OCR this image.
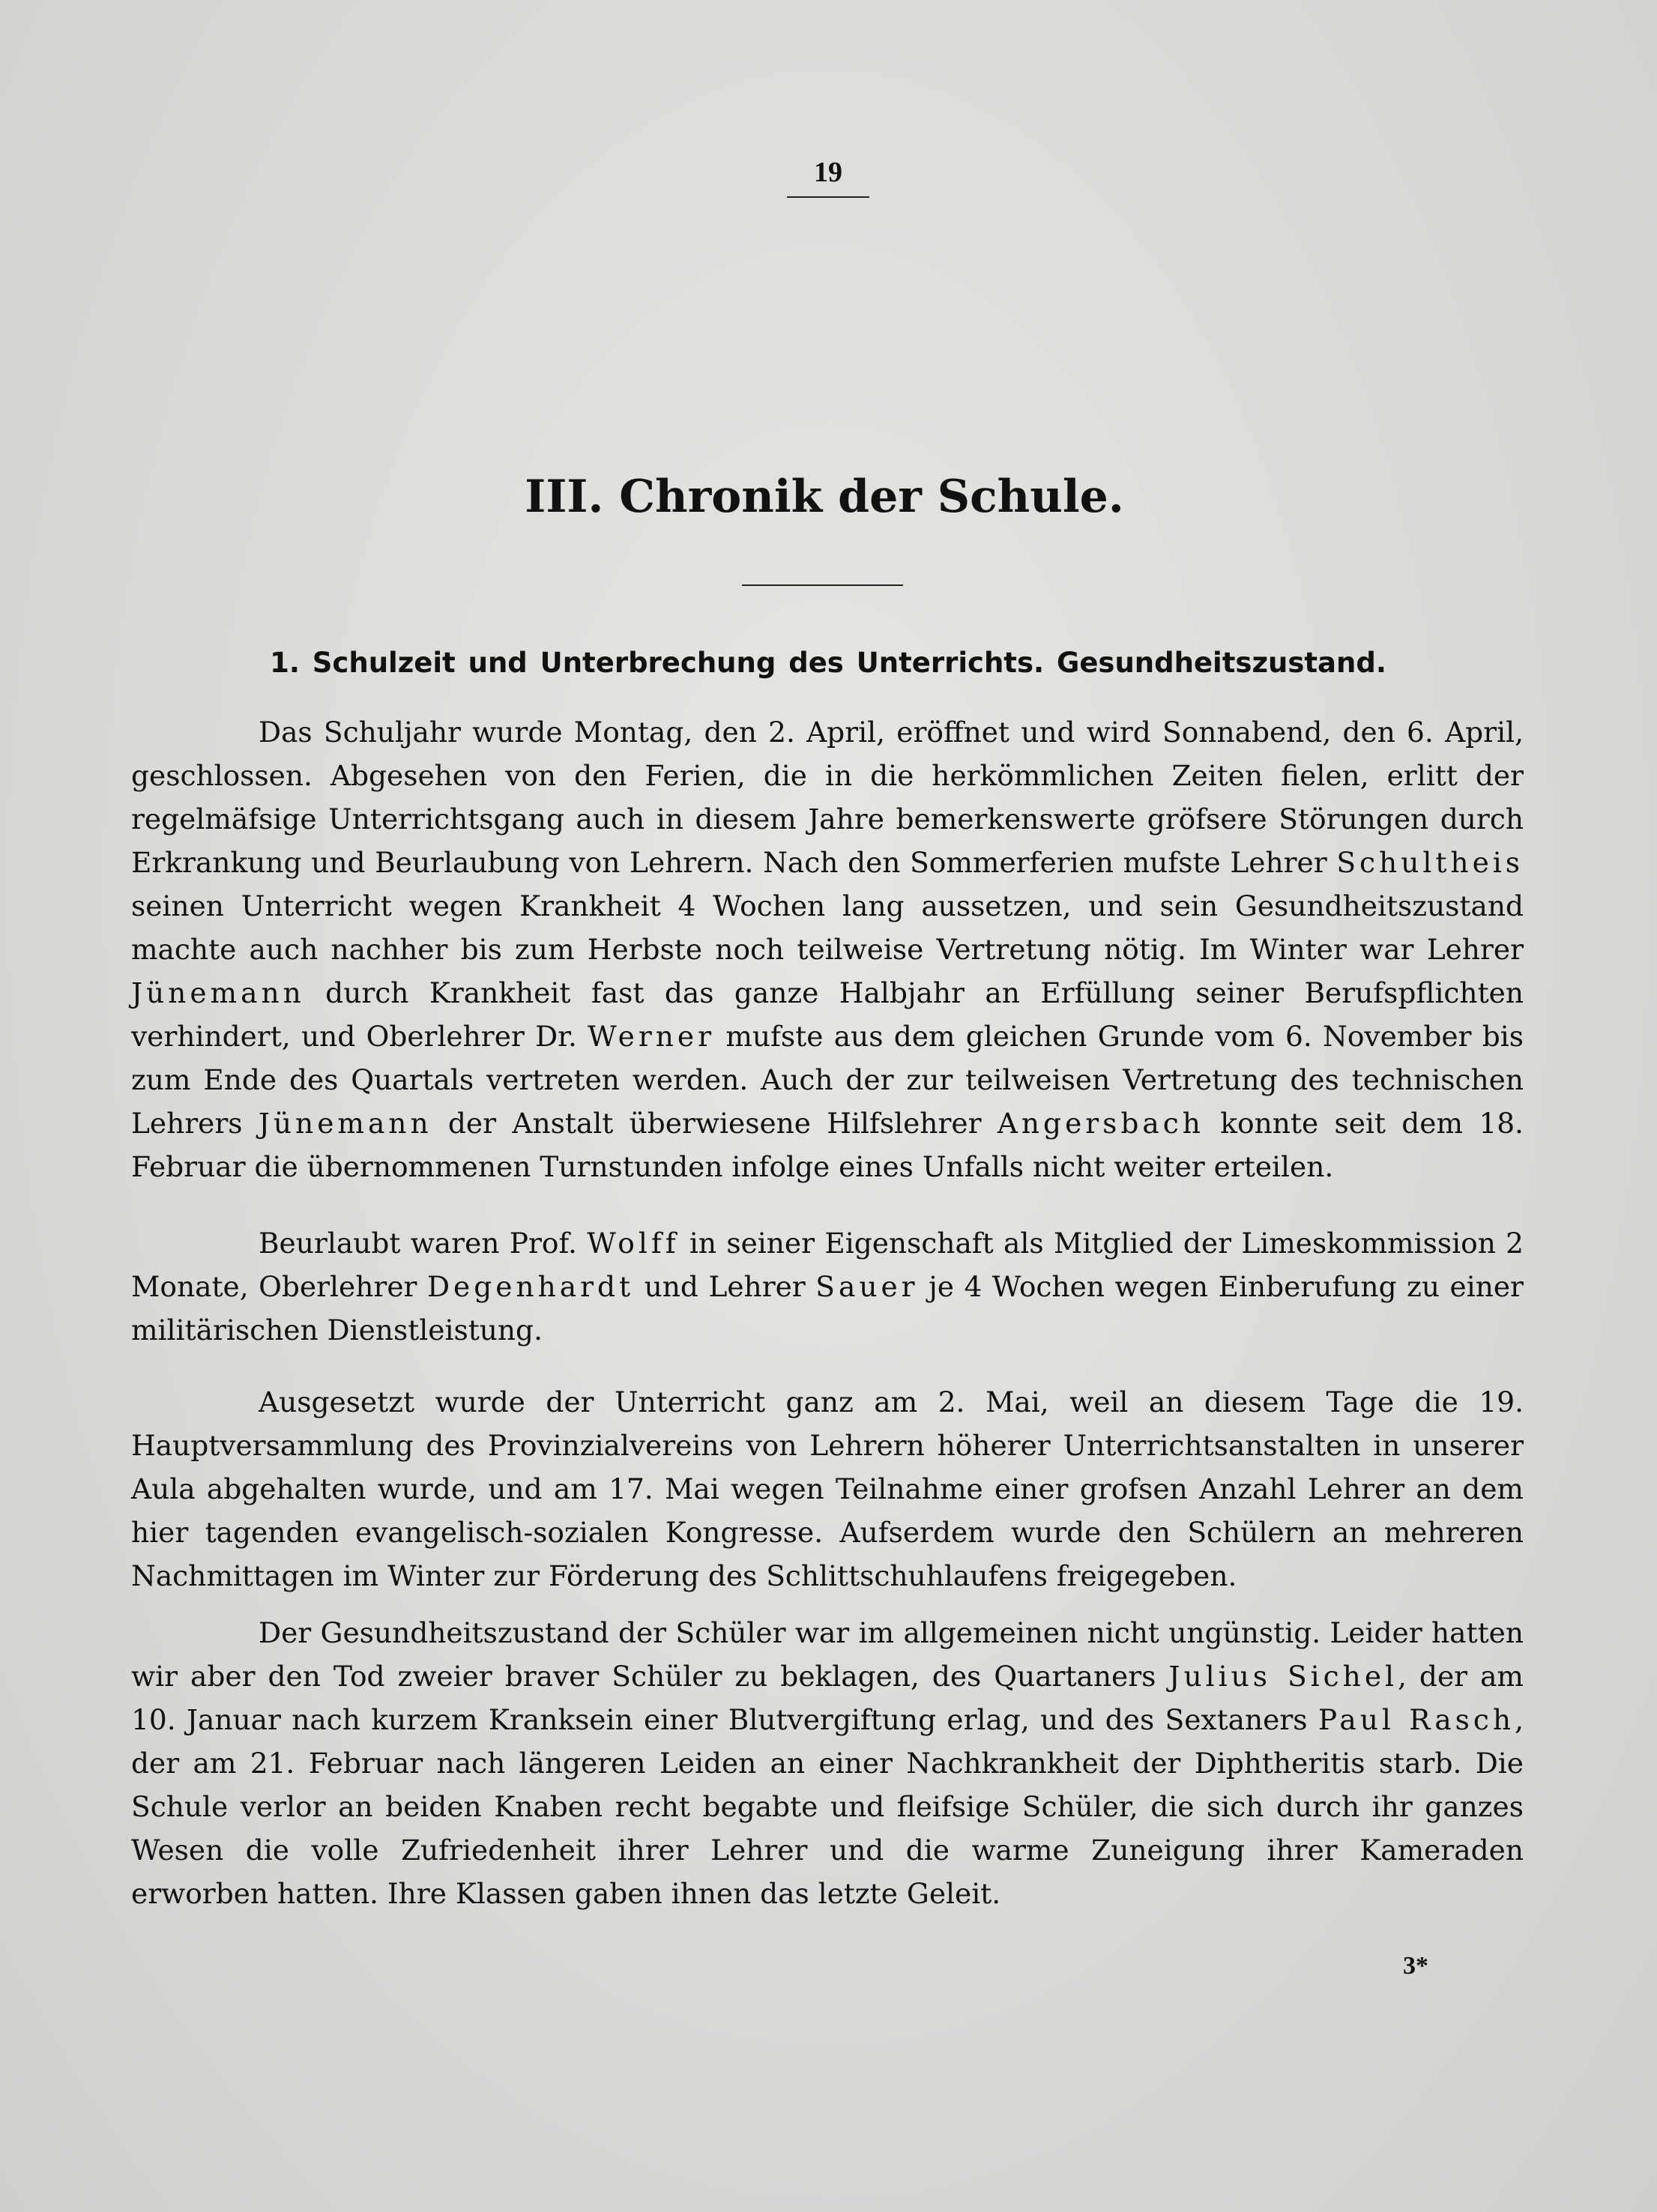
19
III. Chronik der Schule.
1. Schulzeit und Unterbrechung des Unterrichts. Gesundheitszustand.

Das Schuljahr wurde Montag, den 2. April, eröffnet und wird Sonnabend, den 6. April, geschlossen. Abgesehen von den Ferien, die in die herkömmlichen Zeiten fielen, erlitt der regelmäfsige Unterrichtsgang auch in diesem Jahre bemerkenswerte gröfsere Störungen durch Erkrankung und Beurlaubung von Lehrern. Nach den Sommerferien mufste Lehrer Schultheis seinen Unterricht wegen Krankheit 4 Wochen lang aussetzen, und sein Gesundheitszustand machte auch nachher bis zum Herbste noch teilweise Vertretung nötig. Im Winter war Lehrer Jünemann durch Krankheit fast das ganze Halbjahr an Erfüllung seiner Berufspflichten verhindert, und Oberlehrer Dr. Werner mufste aus dem gleichen Grunde vom 6. November bis zum Ende des Quartals vertreten werden. Auch der zur teilweisen Vertretung des technischen Lehrers Jünemann der Anstalt überwiesene Hilfslehrer Angersbach konnte seit dem 18. Februar die übernommenen Turnstunden infolge eines Unfalls nicht weiter erteilen.

Beurlaubt waren Prof. Wolff in seiner Eigenschaft als Mitglied der Limeskommission 2 Monate, Oberlehrer Degenhardt und Lehrer Sauer je 4 Wochen wegen Einberufung zu einer militärischen Dienstleistung.

Ausgesetzt wurde der Unterricht ganz am 2. Mai, weil an diesem Tage die 19. Hauptversammlung des Provinzialvereins von Lehrern höherer Unterrichtsanstalten in unserer Aula abgehalten wurde, und am 17. Mai wegen Teilnahme einer grofsen Anzahl Lehrer an dem hier tagenden evangelisch-sozialen Kongresse. Aufserdem wurde den Schülern an mehreren Nachmittagen im Winter zur Förderung des Schlittschuhlaufens freigegeben.

Der Gesundheitszustand der Schüler war im allgemeinen nicht ungünstig. Leider hatten wir aber den Tod zweier braver Schüler zu beklagen, des Quartaners Julius Sichel, der am 10. Januar nach kurzem Kranksein einer Blutvergiftung erlag, und des Sextaners Paul Rasch, der am 21. Februar nach längeren Leiden an einer Nachkrankheit der Diphtheritis starb. Die Schule verlor an beiden Knaben recht begabte und fleifsige Schüler, die sich durch ihr ganzes Wesen die volle Zufriedenheit ihrer Lehrer und die warme Zuneigung ihrer Kameraden erworben hatten. Ihre Klassen gaben ihnen das letzte Geleit.

3*
